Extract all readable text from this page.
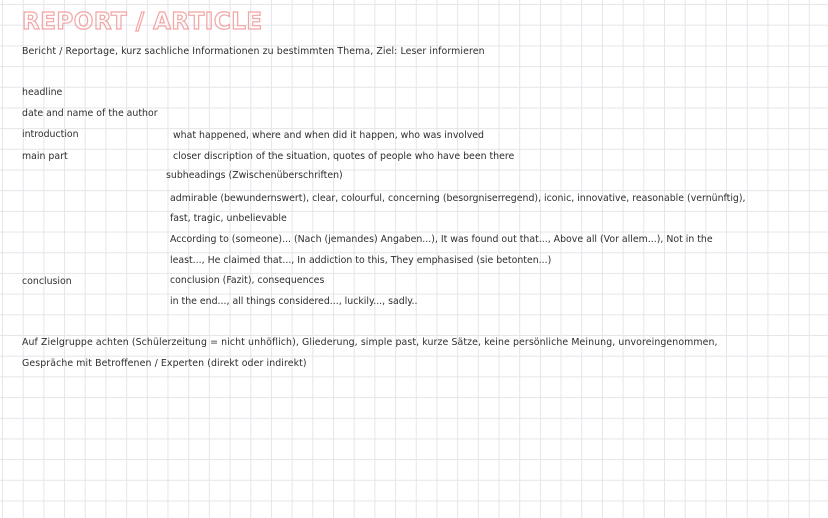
REPORT / ARTICLE
Bericht / Reportage, kurz sachliche Informationen zu bestimmten Thema, Ziel: Leser informieren
headline
date and name of the author
introduction	what happened, where and when did it happen, who was involved
main part	closer discription of the situation, quotes of people who have been there
subheadings (Zwischenüberschriften)
admirable (bewundernswert), clear, colourful, concerning (besorgniserregend), iconic, innovative, reasonable (vernünftig),
fast, tragic, unbelievable
According to (someone)... (Nach (jemandes) Angaben...), It was found out that..., Above all (Vor allem...), Not in the
least..., He claimed that..., In addiction to this, They emphasised (sie betonten...)
conclusion	conclusion (Fazit), consequences
in the end..., all things considered..., luckily..., sadly..
Auf Zielgruppe achten (Schülerzeitung = nicht unhöflich), Gliederung, simple past, kurze Sätze, keine persönliche Meinung, unvoreingenommen,
Gespräche mit Betroffenen / Experten (direkt oder indirekt)
